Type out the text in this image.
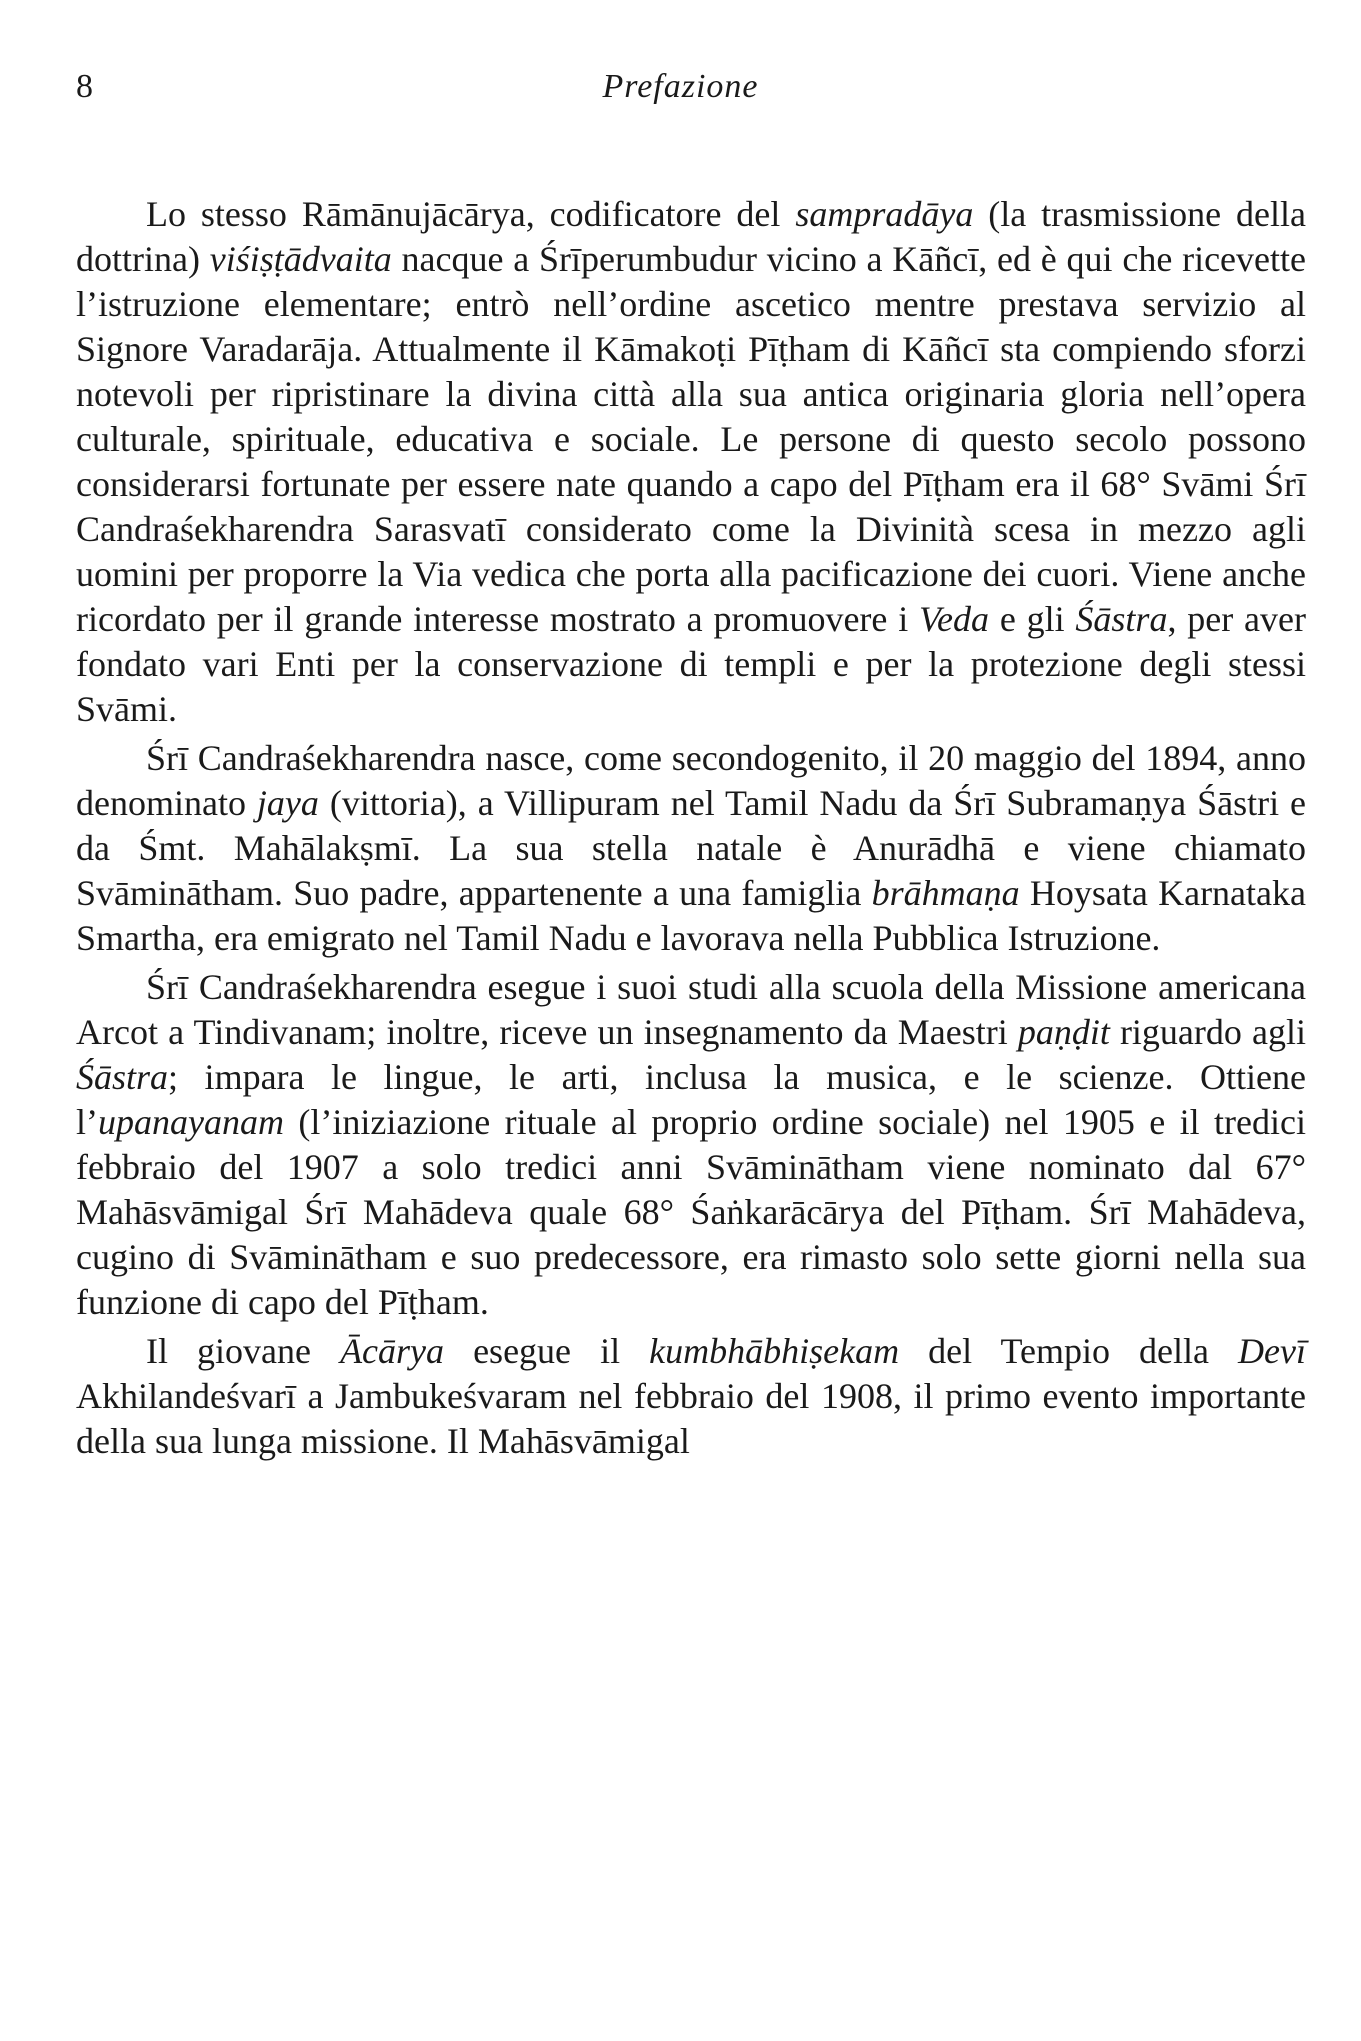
8	Prefazione

Lo stesso Rāmānujācārya, codificatore del sampradāya (la trasmissione della dottrina) viśiṣṭādvaita nacque a Śrīperumbudur vicino a Kāñcī, ed è qui che ricevette l’istruzione elementare; entrò nell’ordine ascetico mentre prestava servizio al Signore Varadarāja. Attualmente il Kāmakoṭi Pīṭham di Kāñcī sta compiendo sforzi notevoli per ripristinare la divina città alla sua antica originaria gloria nell’opera culturale, spirituale, educativa e sociale. Le persone di questo secolo possono considerarsi fortunate per essere nate quando a capo del Pīṭham era il 68° Svāmi Śrī Candraśekharendra Sarasvatī considerato come la Divinità scesa in mezzo agli uomini per proporre la Via vedica che porta alla pacificazione dei cuori. Viene anche ricordato per il grande interesse mostrato a promuovere i Veda e gli Śāstra, per aver fondato vari Enti per la conservazione di templi e per la protezione degli stessi Svāmi.

Śrī Candraśekharendra nasce, come secondogenito, il 20 maggio del 1894, anno denominato jaya (vittoria), a Villipuram nel Tamil Nadu da Śrī Subramaṇya Śāstri e da Śmt. Mahālakṣmī. La sua stella natale è Anurādhā e viene chiamato Svāminātham. Suo padre, appartenente a una famiglia brāhmaṇa Hoysata Karnataka Smartha, era emigrato nel Tamil Nadu e lavorava nella Pubblica Istruzione.

Śrī Candraśekharendra esegue i suoi studi alla scuola della Missione americana Arcot a Tindivanam; inoltre, riceve un insegnamento da Maestri paṇḍit riguardo agli Śāstra; impara le lingue, le arti, inclusa la musica, e le scienze. Ottiene l’upanayanam (l’iniziazione rituale al proprio ordine sociale) nel 1905 e il tredici febbraio del 1907 a solo tredici anni Svāminātham viene nominato dal 67° Mahāsvāmigal Śrī Mahādeva quale 68° Śaṅkarācārya del Pīṭham. Śrī Mahādeva, cugino di Svāminātham e suo predecessore, era rimasto solo sette giorni nella sua funzione di capo del Pīṭham.

Il giovane Ācārya esegue il kumbhābhiṣekam del Tempio della Devī Akhilandeśvarī a Jambukeśvaram nel febbraio del 1908, il primo evento importante della sua lunga missione. Il Mahāsvāmigal
